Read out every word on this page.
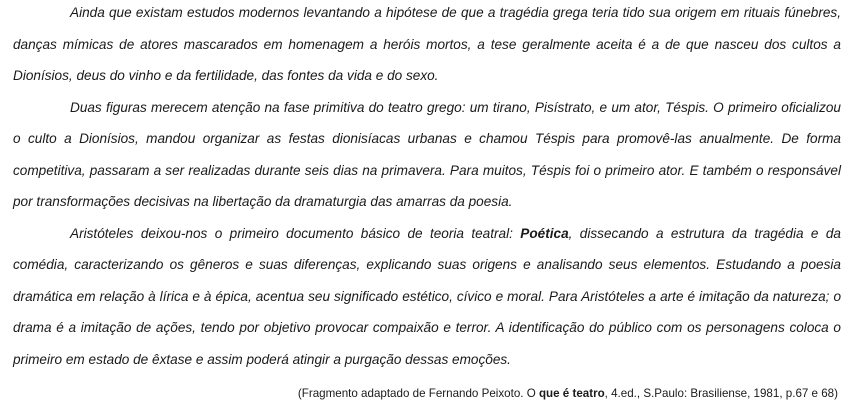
Ainda que existam estudos modernos levantando a hipótese de que a tragédia grega teria tido sua origem em rituais fúnebres, danças mímicas de atores mascarados em homenagem a heróis mortos, a tese geralmente aceita é a de que nasceu dos cultos a Dionísios, deus do vinho e da fertilidade, das fontes da vida e do sexo.

Duas figuras merecem atenção na fase primitiva do teatro grego: um tirano, Pisístrato, e um ator, Téspis. O primeiro oficializou o culto a Dionísios, mandou organizar as festas dionisíacas urbanas e chamou Téspis para promovê-las anualmente. De forma competitiva, passaram a ser realizadas durante seis dias na primavera. Para muitos, Téspis foi o primeiro ator. E também o responsável por transformações decisivas na libertação da dramaturgia das amarras da poesia.

Aristóteles deixou-nos o primeiro documento básico de teoria teatral: Poética, dissecando a estrutura da tragédia e da comédia, caracterizando os gêneros e suas diferenças, explicando suas origens e analisando seus elementos. Estudando a poesia dramática em relação à lírica e à épica, acentua seu significado estético, cívico e moral. Para Aristóteles a arte é imitação da natureza; o drama é a imitação de ações, tendo por objetivo provocar compaixão e terror. A identificação do público com os personagens coloca o primeiro em estado de êxtase e assim poderá atingir a purgação dessas emoções.

(Fragmento adaptado de Fernando Peixoto. O que é teatro, 4.ed., S.Paulo: Brasiliense, 1981, p.67 e 68)
